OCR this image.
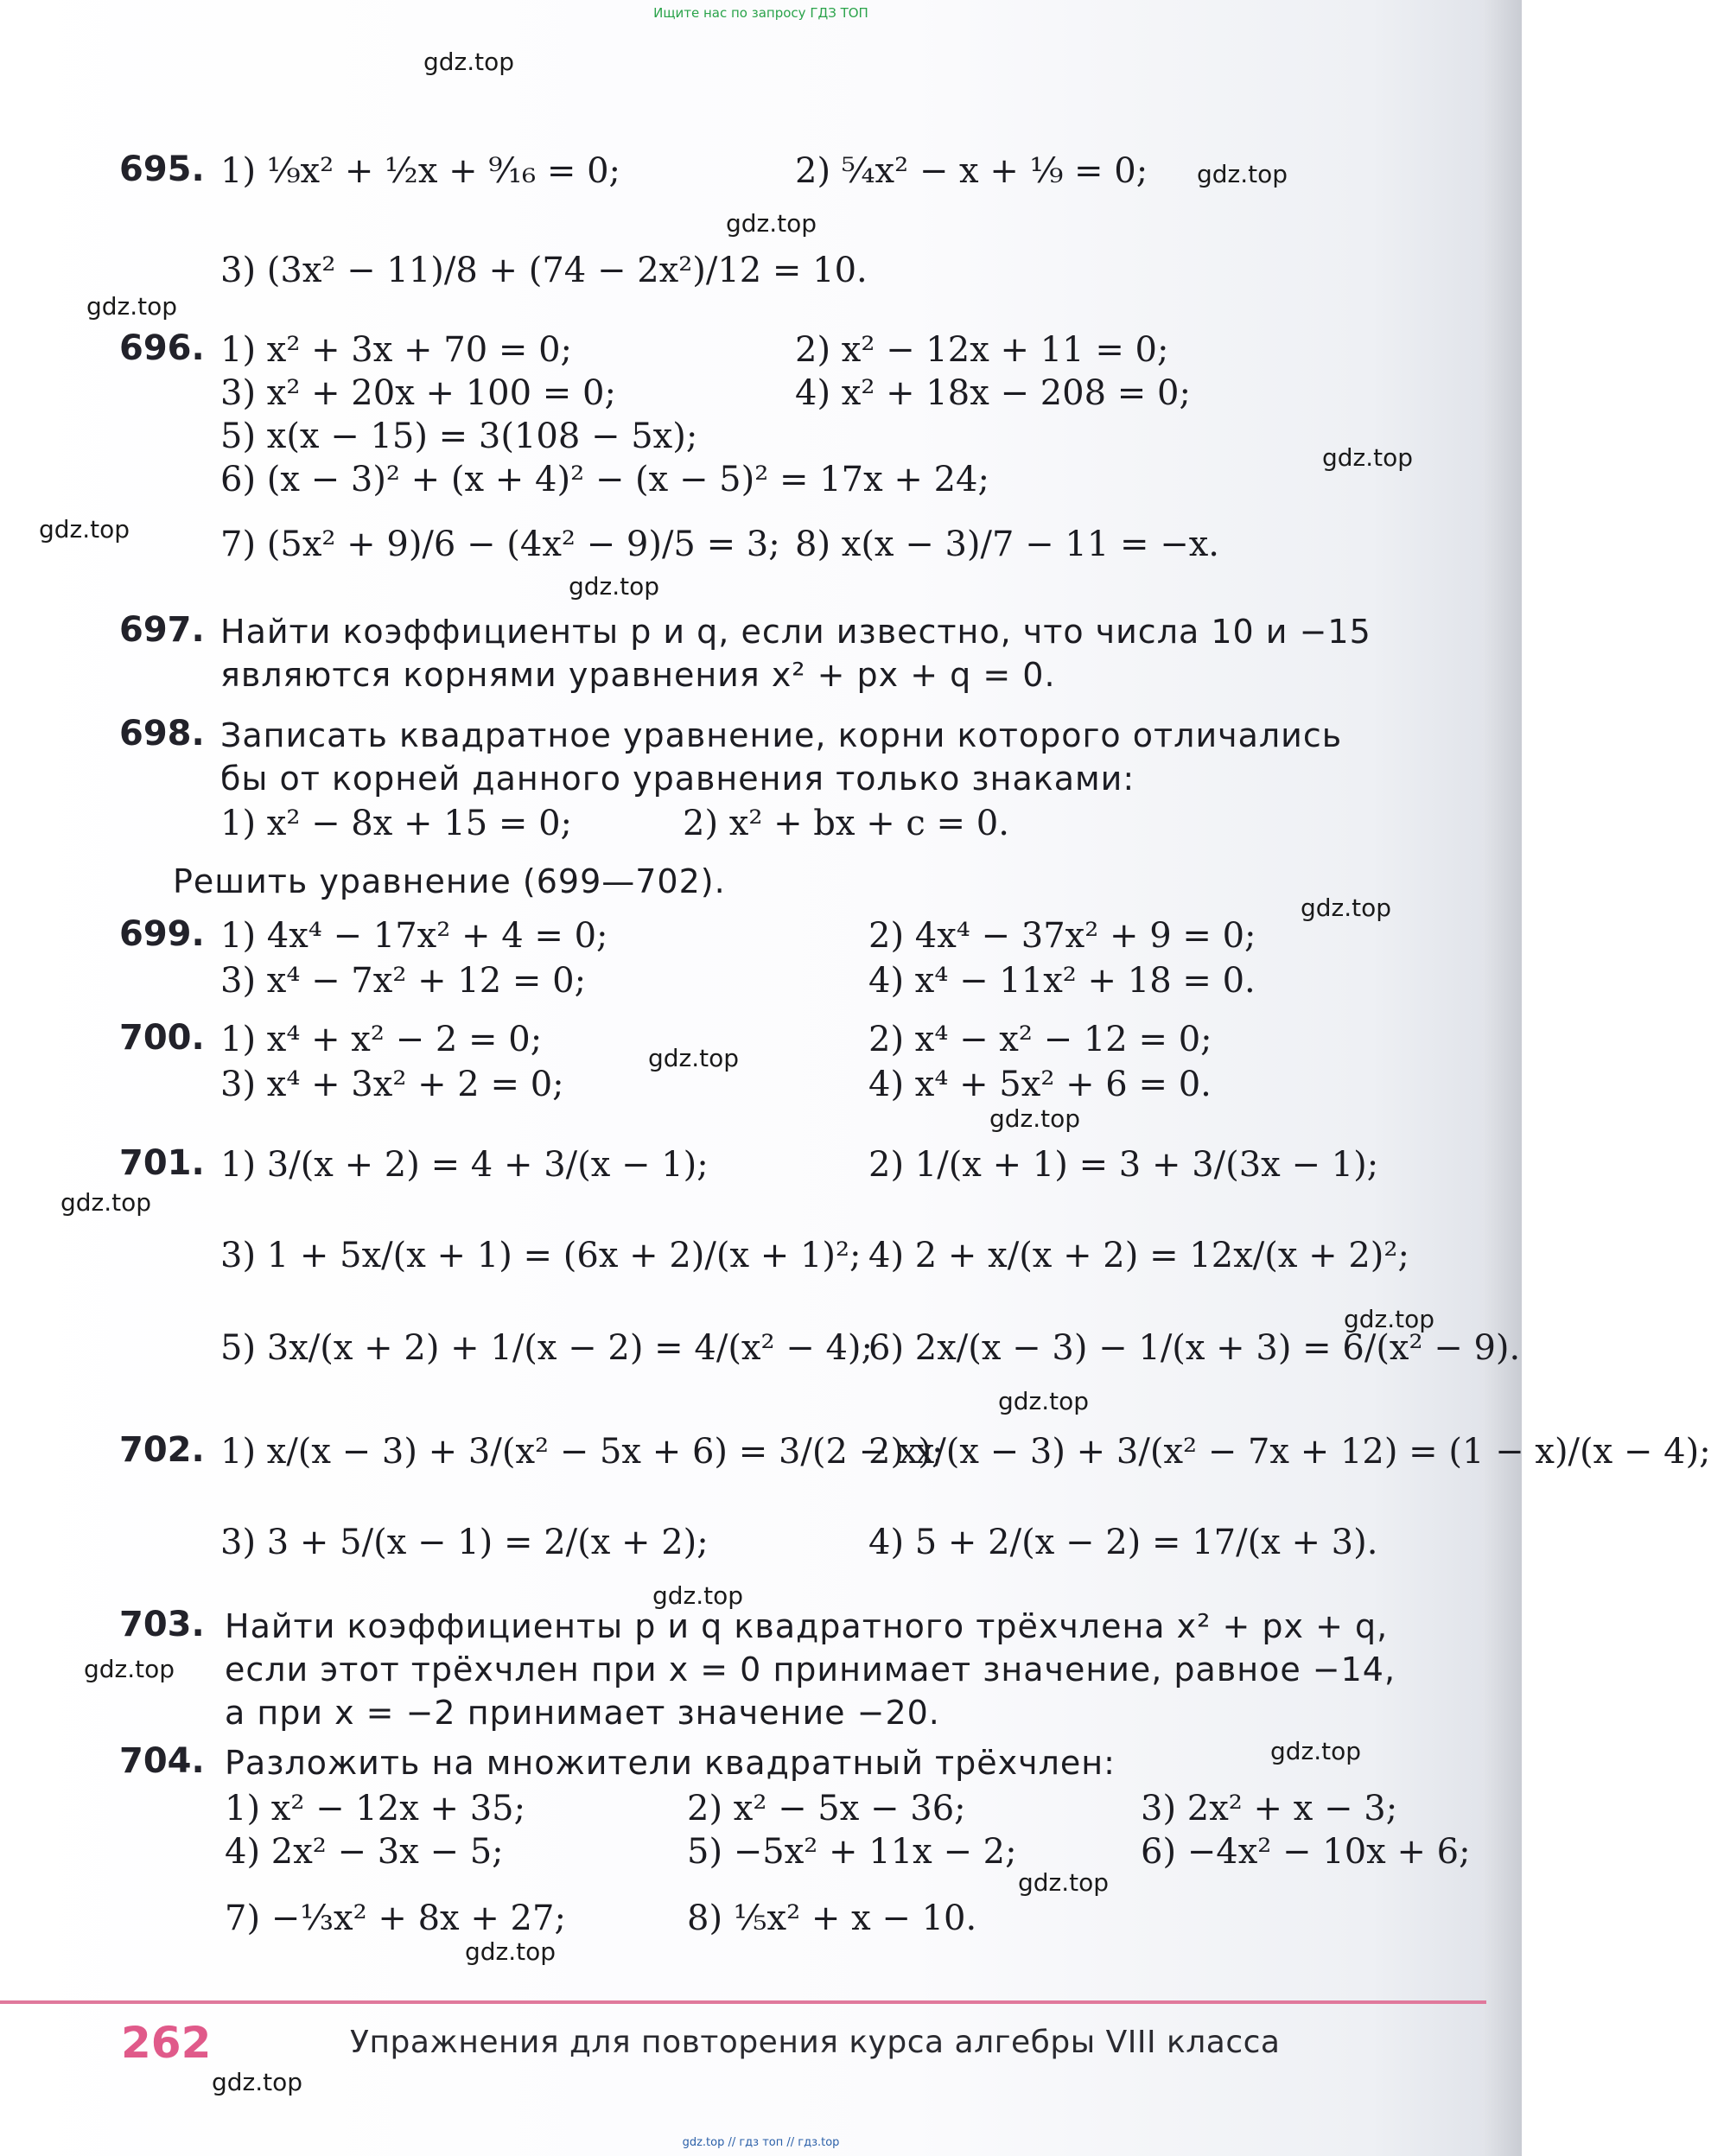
Ищите нас по запросу ГДЗ ТОП
gdz.top
gdz.top
gdz.top
gdz.top
gdz.top
gdz.top
gdz.top
gdz.top
gdz.top
gdz.top
gdz.top
gdz.top
gdz.top
gdz.top
gdz.top
gdz.top
gdz.top
gdz.top
gdz.top
695. 1) ¹⁄₉x² + ½x + ⁹⁄₁₆ = 0;	2) ⁵⁄₄x² − x + ¹⁄₉ = 0;
3) (3x² − 11)/8 + (74 − 2x²)/12 = 10.
696. 1) x² + 3x + 70 = 0;	2) x² − 12x + 11 = 0;
3) x² + 20x + 100 = 0;	4) x² + 18x − 208 = 0;
5) x(x − 15) = 3(108 − 5x);
6) (x − 3)² + (x + 4)² − (x − 5)² = 17x + 24;
7) (5x² + 9)/6 − (4x² − 9)/5 = 3; 8) x(x − 3)/7 − 11 = −x.
697. Найти коэффициенты p и q, если известно, что числа 10 и −15
являются корнями уравнения x² + px + q = 0.
698. Записать квадратное уравнение, корни которого отличались
бы от корней данного уравнения только знаками:
1) x² − 8x + 15 = 0;	2) x² + bx + c = 0.
Решить уравнение (699—702).
699. 1) 4x⁴ − 17x² + 4 = 0;	2) 4x⁴ − 37x² + 9 = 0;
3) x⁴ − 7x² + 12 = 0;	4) x⁴ − 11x² + 18 = 0.
700. 1) x⁴ + x² − 2 = 0;	2) x⁴ − x² − 12 = 0;
3) x⁴ + 3x² + 2 = 0;	4) x⁴ + 5x² + 6 = 0.
701. 1) 3/(x + 2) = 4 + 3/(x − 1);	2) 1/(x + 1) = 3 + 3/(3x − 1);
3) 1 + 5x/(x + 1) = (6x + 2)/(x + 1)²; 4) 2 + x/(x + 2) = 12x/(x + 2)²;
5) 3x/(x + 2) + 1/(x − 2) = 4/(x² − 4);
6) 2x/(x − 3) − 1/(x + 3) = 6/(x² − 9).
702. 1) x/(x − 3) + 3/(x² − 5x + 6) = 3/(2 − x);
2) x/(x − 3) + 3/(x² − 7x + 12) = (1 − x)/(x − 4);
3) 3 + 5/(x − 1) = 2/(x + 2);	4) 5 + 2/(x − 2) = 17/(x + 3).
703. Найти коэффициенты p и q квадратного трёхчлена x² + px + q,
если этот трёхчлен при x = 0 принимает значение, равное −14,
а при x = −2 принимает значение −20.
704. Разложить на множители квадратный трёхчлен:
1) x² − 12x + 35;	2) x² − 5x − 36;	3) 2x² + x − 3;
4) 2x² − 3x − 5;	5) −5x² + 11x − 2;	6) −4x² − 10x + 6;
7) −⅓x² + 8x + 27;	8) ⅕x² + x − 10.
262	Упражнения для повторения курса алгебры VIII класса
gdz.top // гдз топ // гдз.top
